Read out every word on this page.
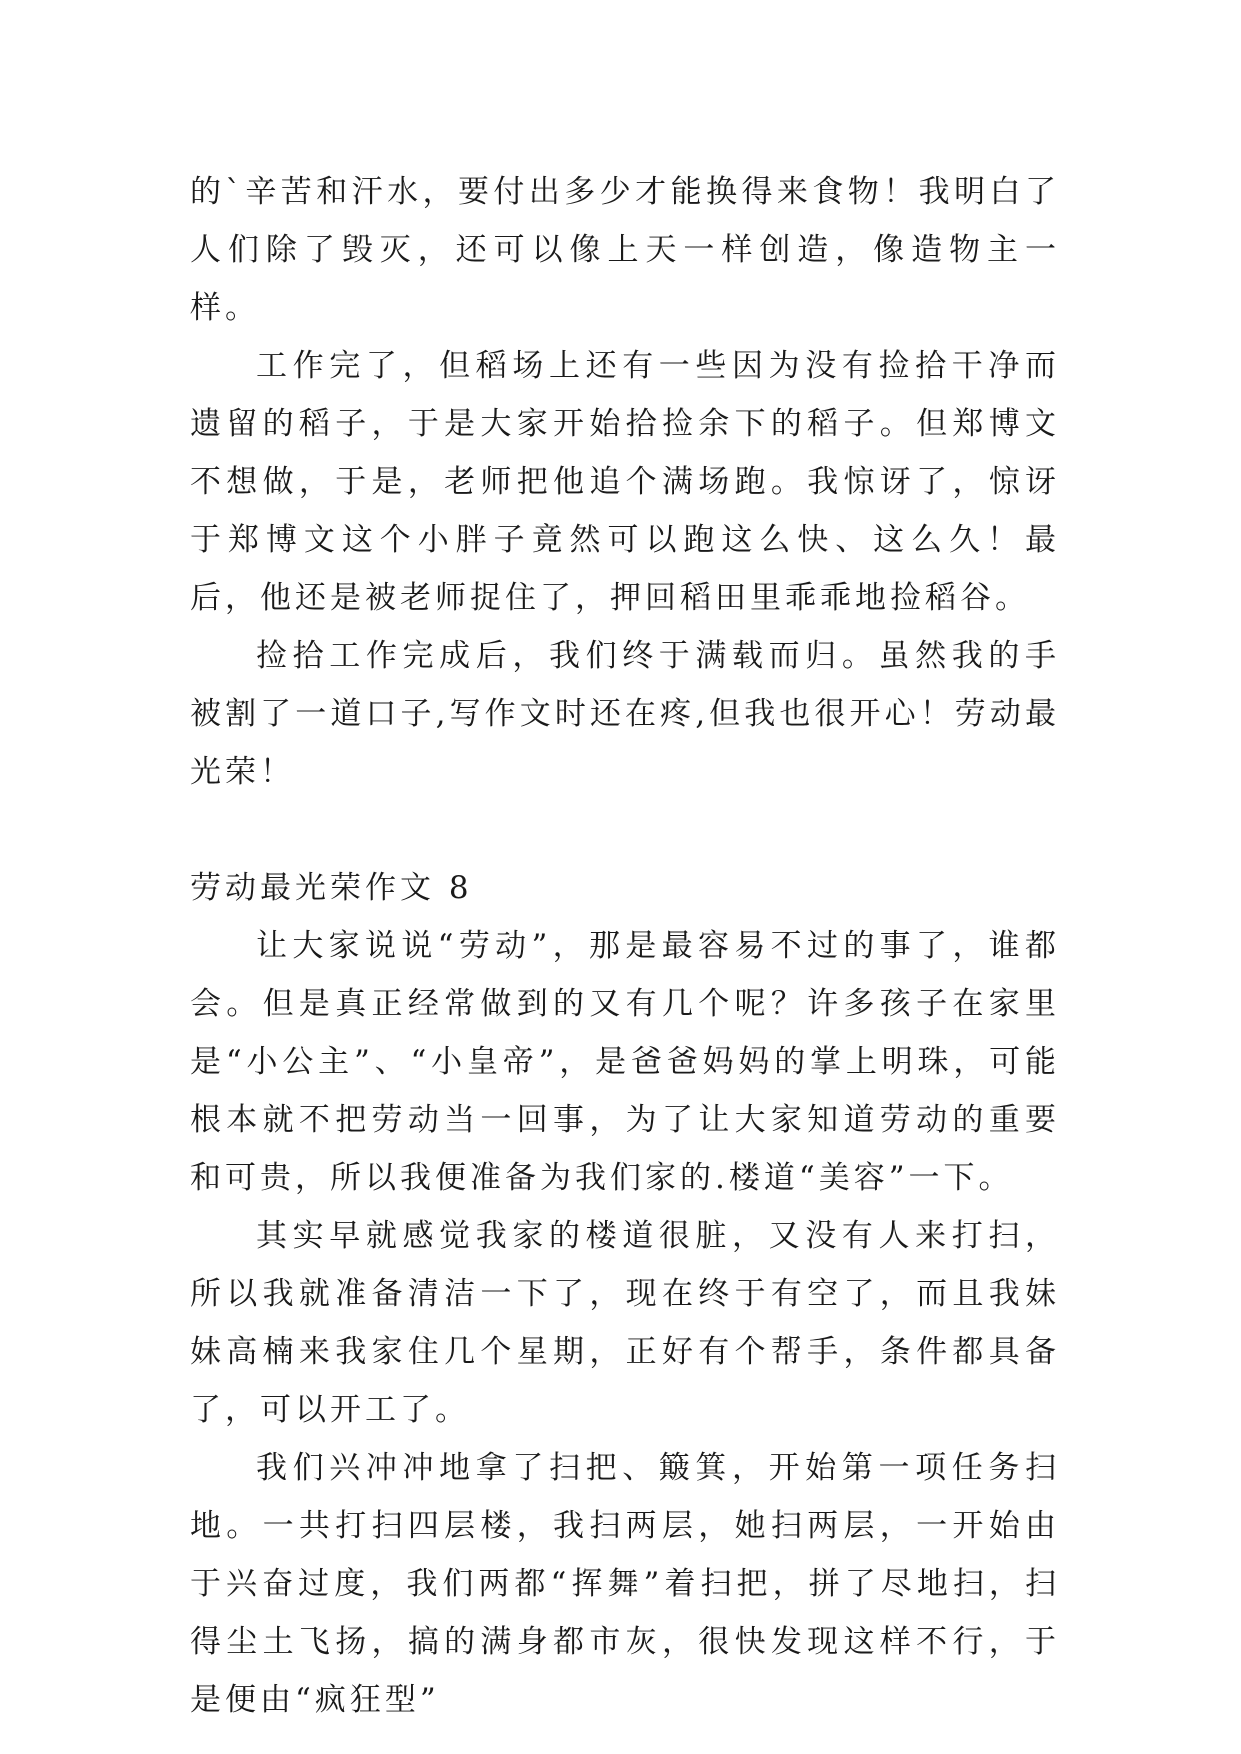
的`辛苦和汗水，要付出多少才能换得来食物！我明白了人们除了毁灭，还可以像上天一样创造，像造物主一样。

工作完了，但稻场上还有一些因为没有捡拾干净而遗留的稻子，于是大家开始拾捡余下的稻子。但郑博文不想做，于是，老师把他追个满场跑。我惊讶了，惊讶于郑博文这个小胖子竟然可以跑这么快、这么久！最后，他还是被老师捉住了，押回稻田里乖乖地捡稻谷。

捡拾工作完成后，我们终于满载而归。虽然我的手被割了一道口子,写作文时还在疼,但我也很开心！劳动最光荣！

劳动最光荣作文 8

让大家说说“劳动”，那是最容易不过的事了，谁都会。但是真正经常做到的又有几个呢？许多孩子在家里是“小公主”、“小皇帝”，是爸爸妈妈的掌上明珠，可能根本就不把劳动当一回事，为了让大家知道劳动的重要和可贵，所以我便准备为我们家的.楼道“美容”一下。

其实早就感觉我家的楼道很脏，又没有人来打扫，所以我就准备清洁一下了，现在终于有空了，而且我妹妹高楠来我家住几个星期，正好有个帮手，条件都具备了，可以开工了。

我们兴冲冲地拿了扫把、簸箕，开始第一项任务扫地。一共打扫四层楼，我扫两层，她扫两层，一开始由于兴奋过度，我们两都“挥舞”着扫把，拼了尽地扫，扫得尘土飞扬，搞的满身都市灰，很快发现这样不行，于是便由“疯狂型”
